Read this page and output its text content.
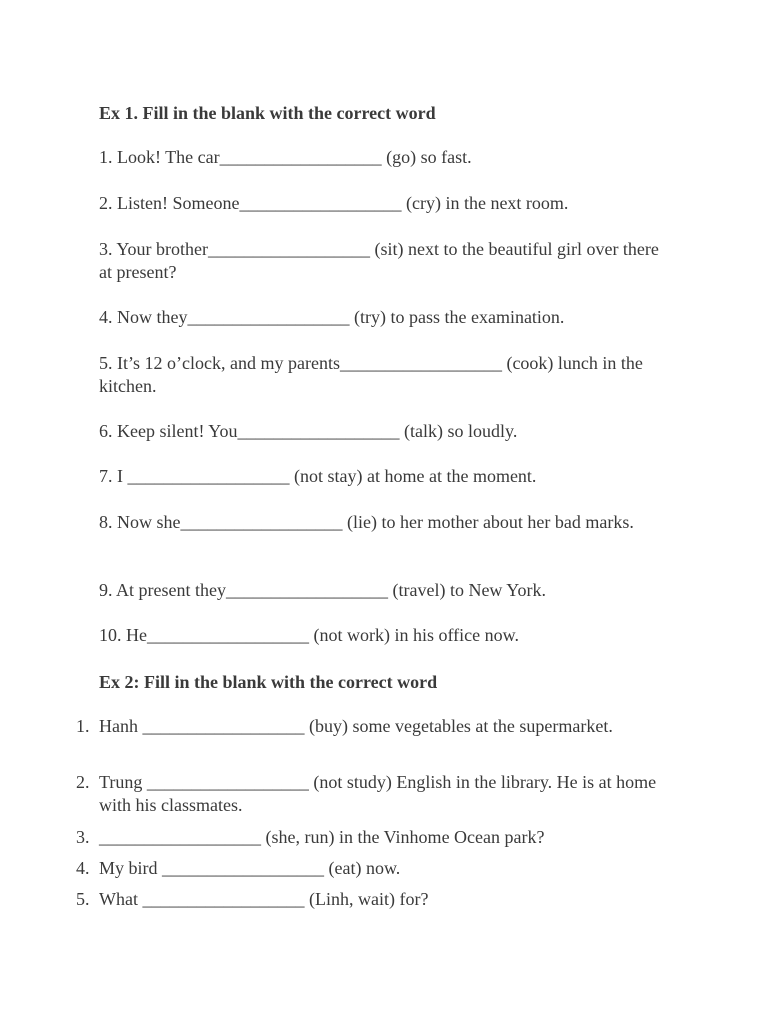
Ex 1. Fill in the blank with the correct word
1. Look! The car__________________ (go) so fast.
2. Listen! Someone__________________ (cry) in the next room.
3. Your brother__________________ (sit) next to the beautiful girl over there at present?
4. Now they__________________ (try) to pass the examination.
5. It’s 12 o’clock, and my parents__________________ (cook) lunch in the kitchen.
6. Keep silent! You__________________ (talk) so loudly.
7. I __________________ (not stay) at home at the moment.
8. Now she__________________ (lie) to her mother about her bad marks.
9. At present they__________________ (travel) to New York.
10. He__________________ (not work) in his office now.
Ex 2: Fill in the blank with the correct word
1. Hanh __________________ (buy) some vegetables at the supermarket.
2. Trung __________________ (not study) English in the library. He is at home with his classmates.
3. __________________ (she, run) in the Vinhome Ocean park?
4. My bird __________________ (eat) now.
5. What __________________ (Linh, wait) for?
